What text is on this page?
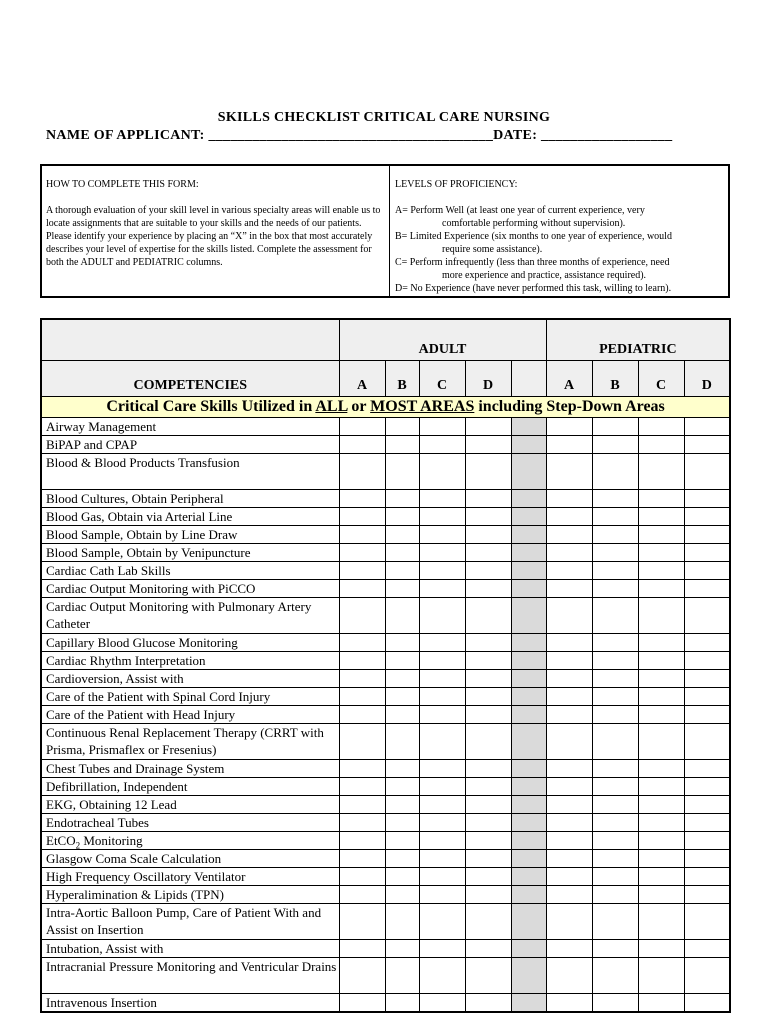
SKILLS CHECKLIST CRITICAL CARE NURSING
NAME OF APPLICANT: _______________________________________DATE: __________________
HOW TO COMPLETE THIS FORM:
A thorough evaluation of your skill level in various specialty areas will enable us to locate assignments that are suitable to your skills and the needs of our patients. Please identify your experience by placing an “X” in the box that most accurately describes your level of expertise for the skills listed. Complete the assessment for both the ADULT and PEDIATRIC columns.
LEVELS OF PROFICIENCY:
A= Perform Well (at least one year of current experience, very
comfortable performing without supervision).
B= Limited Experience (six months to one year of experience, would
require some assistance).
C= Perform infrequently (less than three months of experience, need
more experience and practice, assistance required).
D= No Experience (have never performed this task, willing to learn).
	ADULT					PEDIATRIC			
COMPETENCIES	A	B	C	D		A	B	C	D
Critical Care Skills Utilized in ALL or MOST AREAS including Step-Down Areas									
Airway Management									
BiPAP and CPAP									
Blood & Blood Products Transfusion									
Blood Cultures, Obtain Peripheral									
Blood Gas, Obtain via Arterial Line									
Blood Sample, Obtain by Line Draw									
Blood Sample, Obtain by Venipuncture									
Cardiac Cath Lab Skills									
Cardiac Output Monitoring with PiCCO									
Cardiac Output Monitoring with Pulmonary Artery Catheter									
Capillary Blood Glucose Monitoring									
Cardiac Rhythm Interpretation									
Cardioversion, Assist with									
Care of the Patient with Spinal Cord Injury									
Care of the Patient with Head Injury									
Continuous Renal Replacement Therapy (CRRT with Prisma, Prismaflex or Fresenius)									
Chest Tubes and Drainage System									
Defibrillation, Independent									
EKG, Obtaining 12 Lead									
Endotracheal Tubes									
EtCO$_2$ Monitoring									
Glasgow Coma Scale Calculation									
High Frequency Oscillatory Ventilator									
Hyperalimination & Lipids (TPN)									
Intra-Aortic Balloon Pump, Care of Patient With and Assist on Insertion									
Intubation, Assist with									
Intracranial Pressure Monitoring and Ventricular Drains									
Intravenous Insertion									
